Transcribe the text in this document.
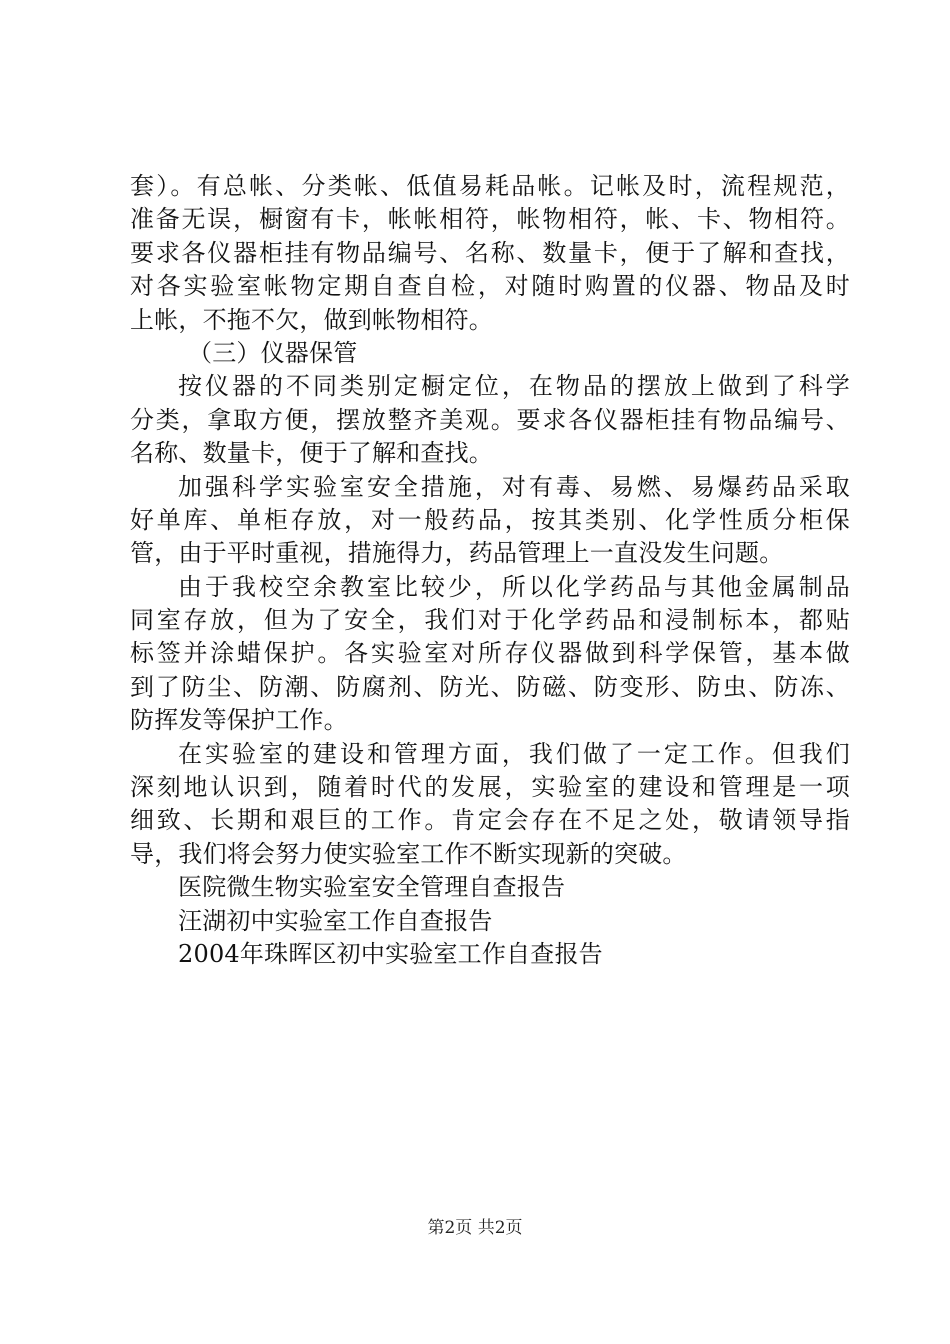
套）。有总帐、分类帐、低值易耗品帐。记帐及时，流程规范，
准备无误，橱窗有卡，帐帐相符，帐物相符，帐、卡、物相符。
要求各仪器柜挂有物品编号、名称、数量卡，便于了解和查找，
对各实验室帐物定期自查自检，对随时购置的仪器、物品及时
上帐，不拖不欠，做到帐物相符。
（三）仪器保管
按仪器的不同类别定橱定位，在物品的摆放上做到了科学
分类，拿取方便，摆放整齐美观。要求各仪器柜挂有物品编号、
名称、数量卡，便于了解和查找。
加强科学实验室安全措施，对有毒、易燃、易爆药品采取
好单库、单柜存放，对一般药品，按其类别、化学性质分柜保
管，由于平时重视，措施得力，药品管理上一直没发生问题。
由于我校空余教室比较少，所以化学药品与其他金属制品
同室存放，但为了安全，我们对于化学药品和浸制标本，都贴
标签并涂蜡保护。各实验室对所存仪器做到科学保管，基本做
到了防尘、防潮、防腐剂、防光、防磁、防变形、防虫、防冻、
防挥发等保护工作。
在实验室的建设和管理方面，我们做了一定工作。但我们
深刻地认识到，随着时代的发展，实验室的建设和管理是一项
细致、长期和艰巨的工作。肯定会存在不足之处，敬请领导指
导，我们将会努力使实验室工作不断实现新的突破。
医院微生物实验室安全管理自查报告
汪湖初中实验室工作自查报告
2004年珠晖区初中实验室工作自查报告
第2页 共2页
